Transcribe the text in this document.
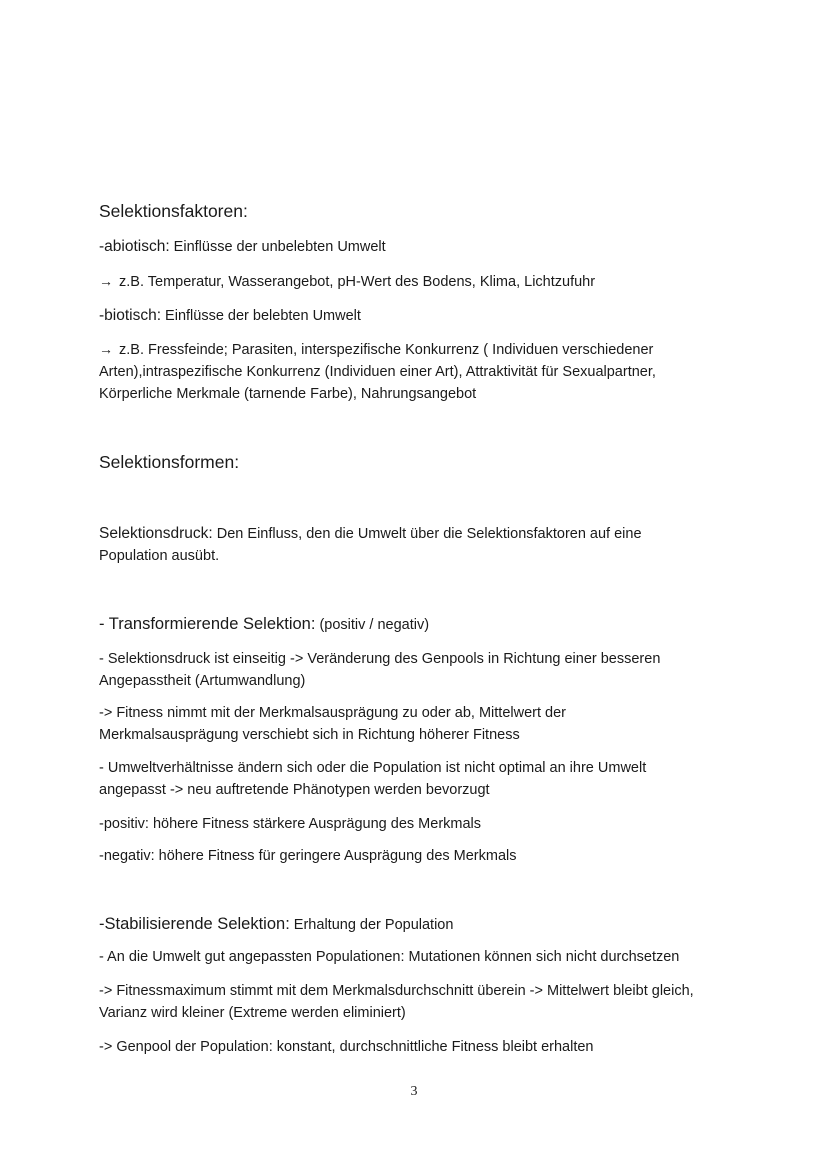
Selektionsfaktoren:
-abiotisch: Einflüsse der unbelebten Umwelt
→ z.B. Temperatur, Wasserangebot, pH-Wert des Bodens, Klima, Lichtzufuhr
-biotisch: Einflüsse der belebten Umwelt
→ z.B. Fressfeinde; Parasiten, interspezifische Konkurrenz ( Individuen verschiedener Arten),intraspezifische Konkurrenz (Individuen einer Art), Attraktivität für Sexualpartner, Körperliche Merkmale (tarnende Farbe), Nahrungsangebot
Selektionsformen:
Selektionsdruck: Den Einfluss, den die Umwelt über die Selektionsfaktoren auf eine Population ausübt.
- Transformierende Selektion: (positiv / negativ)
- Selektionsdruck ist einseitig -> Veränderung des Genpools in Richtung einer besseren Angepasstheit (Artumwandlung)
-> Fitness nimmt mit der Merkmalsausprägung zu oder ab, Mittelwert der Merkmalsausprägung verschiebt sich in Richtung höherer Fitness
- Umweltverhältnisse ändern sich oder die Population ist nicht optimal an ihre Umwelt angepasst -> neu auftretende Phänotypen werden bevorzugt
-positiv: höhere Fitness stärkere Ausprägung des Merkmals
-negativ: höhere Fitness für geringere Ausprägung des Merkmals
-Stabilisierende Selektion: Erhaltung der Population
- An die Umwelt gut angepassten Populationen: Mutationen können sich nicht durchsetzen
-> Fitnessmaximum stimmt mit dem Merkmalsdurchschnitt überein -> Mittelwert bleibt gleich, Varianz wird kleiner (Extreme werden eliminiert)
-> Genpool der Population: konstant, durchschnittliche Fitness bleibt erhalten
3
